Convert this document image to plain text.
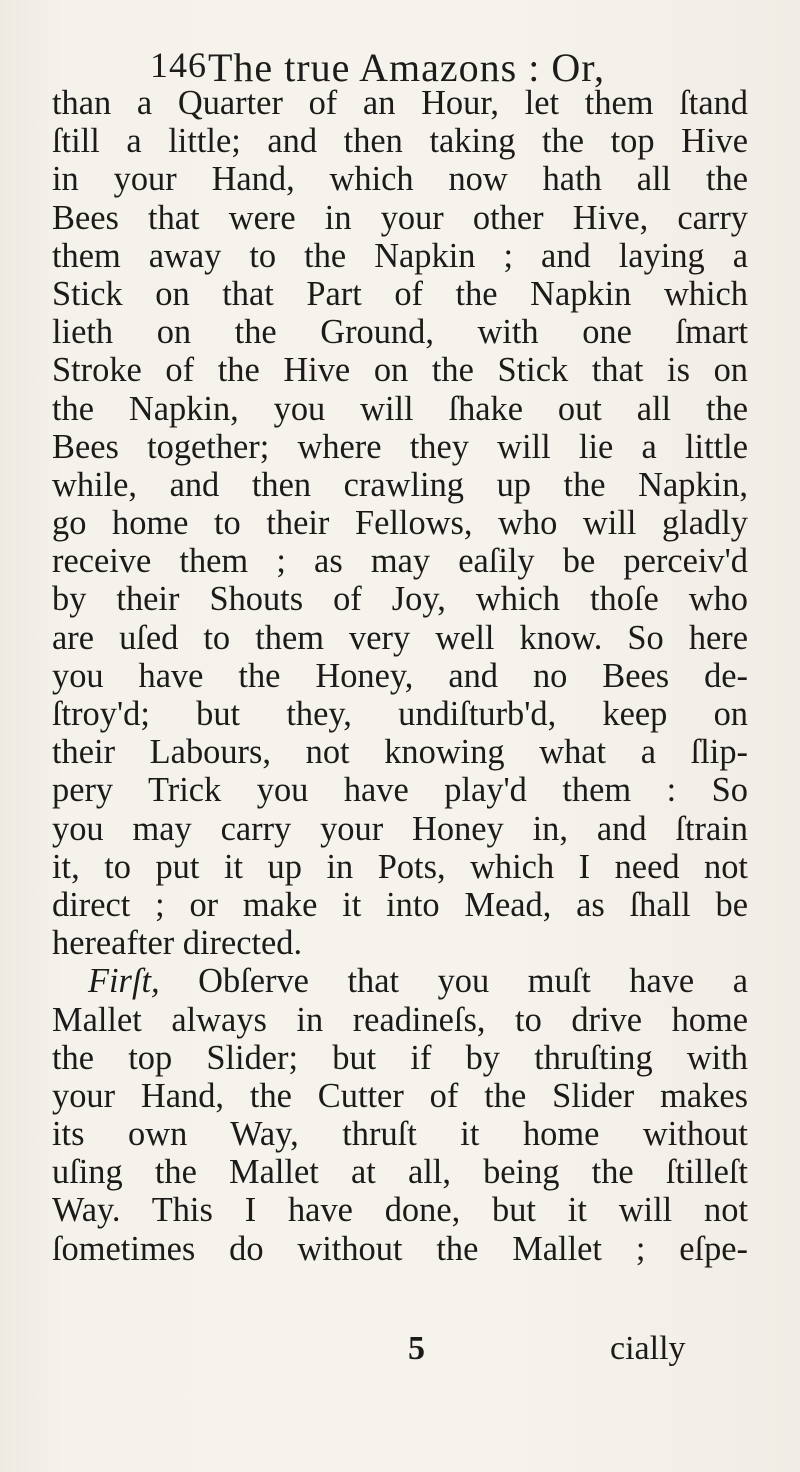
146 The true Amazons : Or,
than a Quarter of an Hour, let them ſtand
ſtill a little; and then taking the top Hive
in your Hand, which now hath all the
Bees that were in your other Hive, carry
them away to the Napkin ; and laying a
Stick on that Part of the Napkin which
lieth on the Ground, with one ſmart
Stroke of the Hive on the Stick that is on
the Napkin, you will ſhake out all the
Bees together; where they will lie a little
while, and then crawling up the Napkin,
go home to their Fellows, who will gladly
receive them ; as may eaſily be perceiv'd
by their Shouts of Joy, which thoſe who
are uſed to them very well know. So here
you have the Honey, and no Bees de-
ſtroy'd; but they, undiſturb'd, keep on
their Labours, not knowing what a ſlip-
pery Trick you have play'd them : So
you may carry your Honey in, and ſtrain
it, to put it up in Pots, which I need not
direct ; or make it into Mead, as ſhall be
hereafter directed.
Firſt, Obſerve that you muſt have a
Mallet always in readineſs, to drive home
the top Slider; but if by thruſting with
your Hand, the Cutter of the Slider makes
its own Way, thruſt it home without
uſing the Mallet at all, being the ſtilleſt
Way. This I have done, but it will not
ſometimes do without the Mallet ; eſpe-
5	cially
